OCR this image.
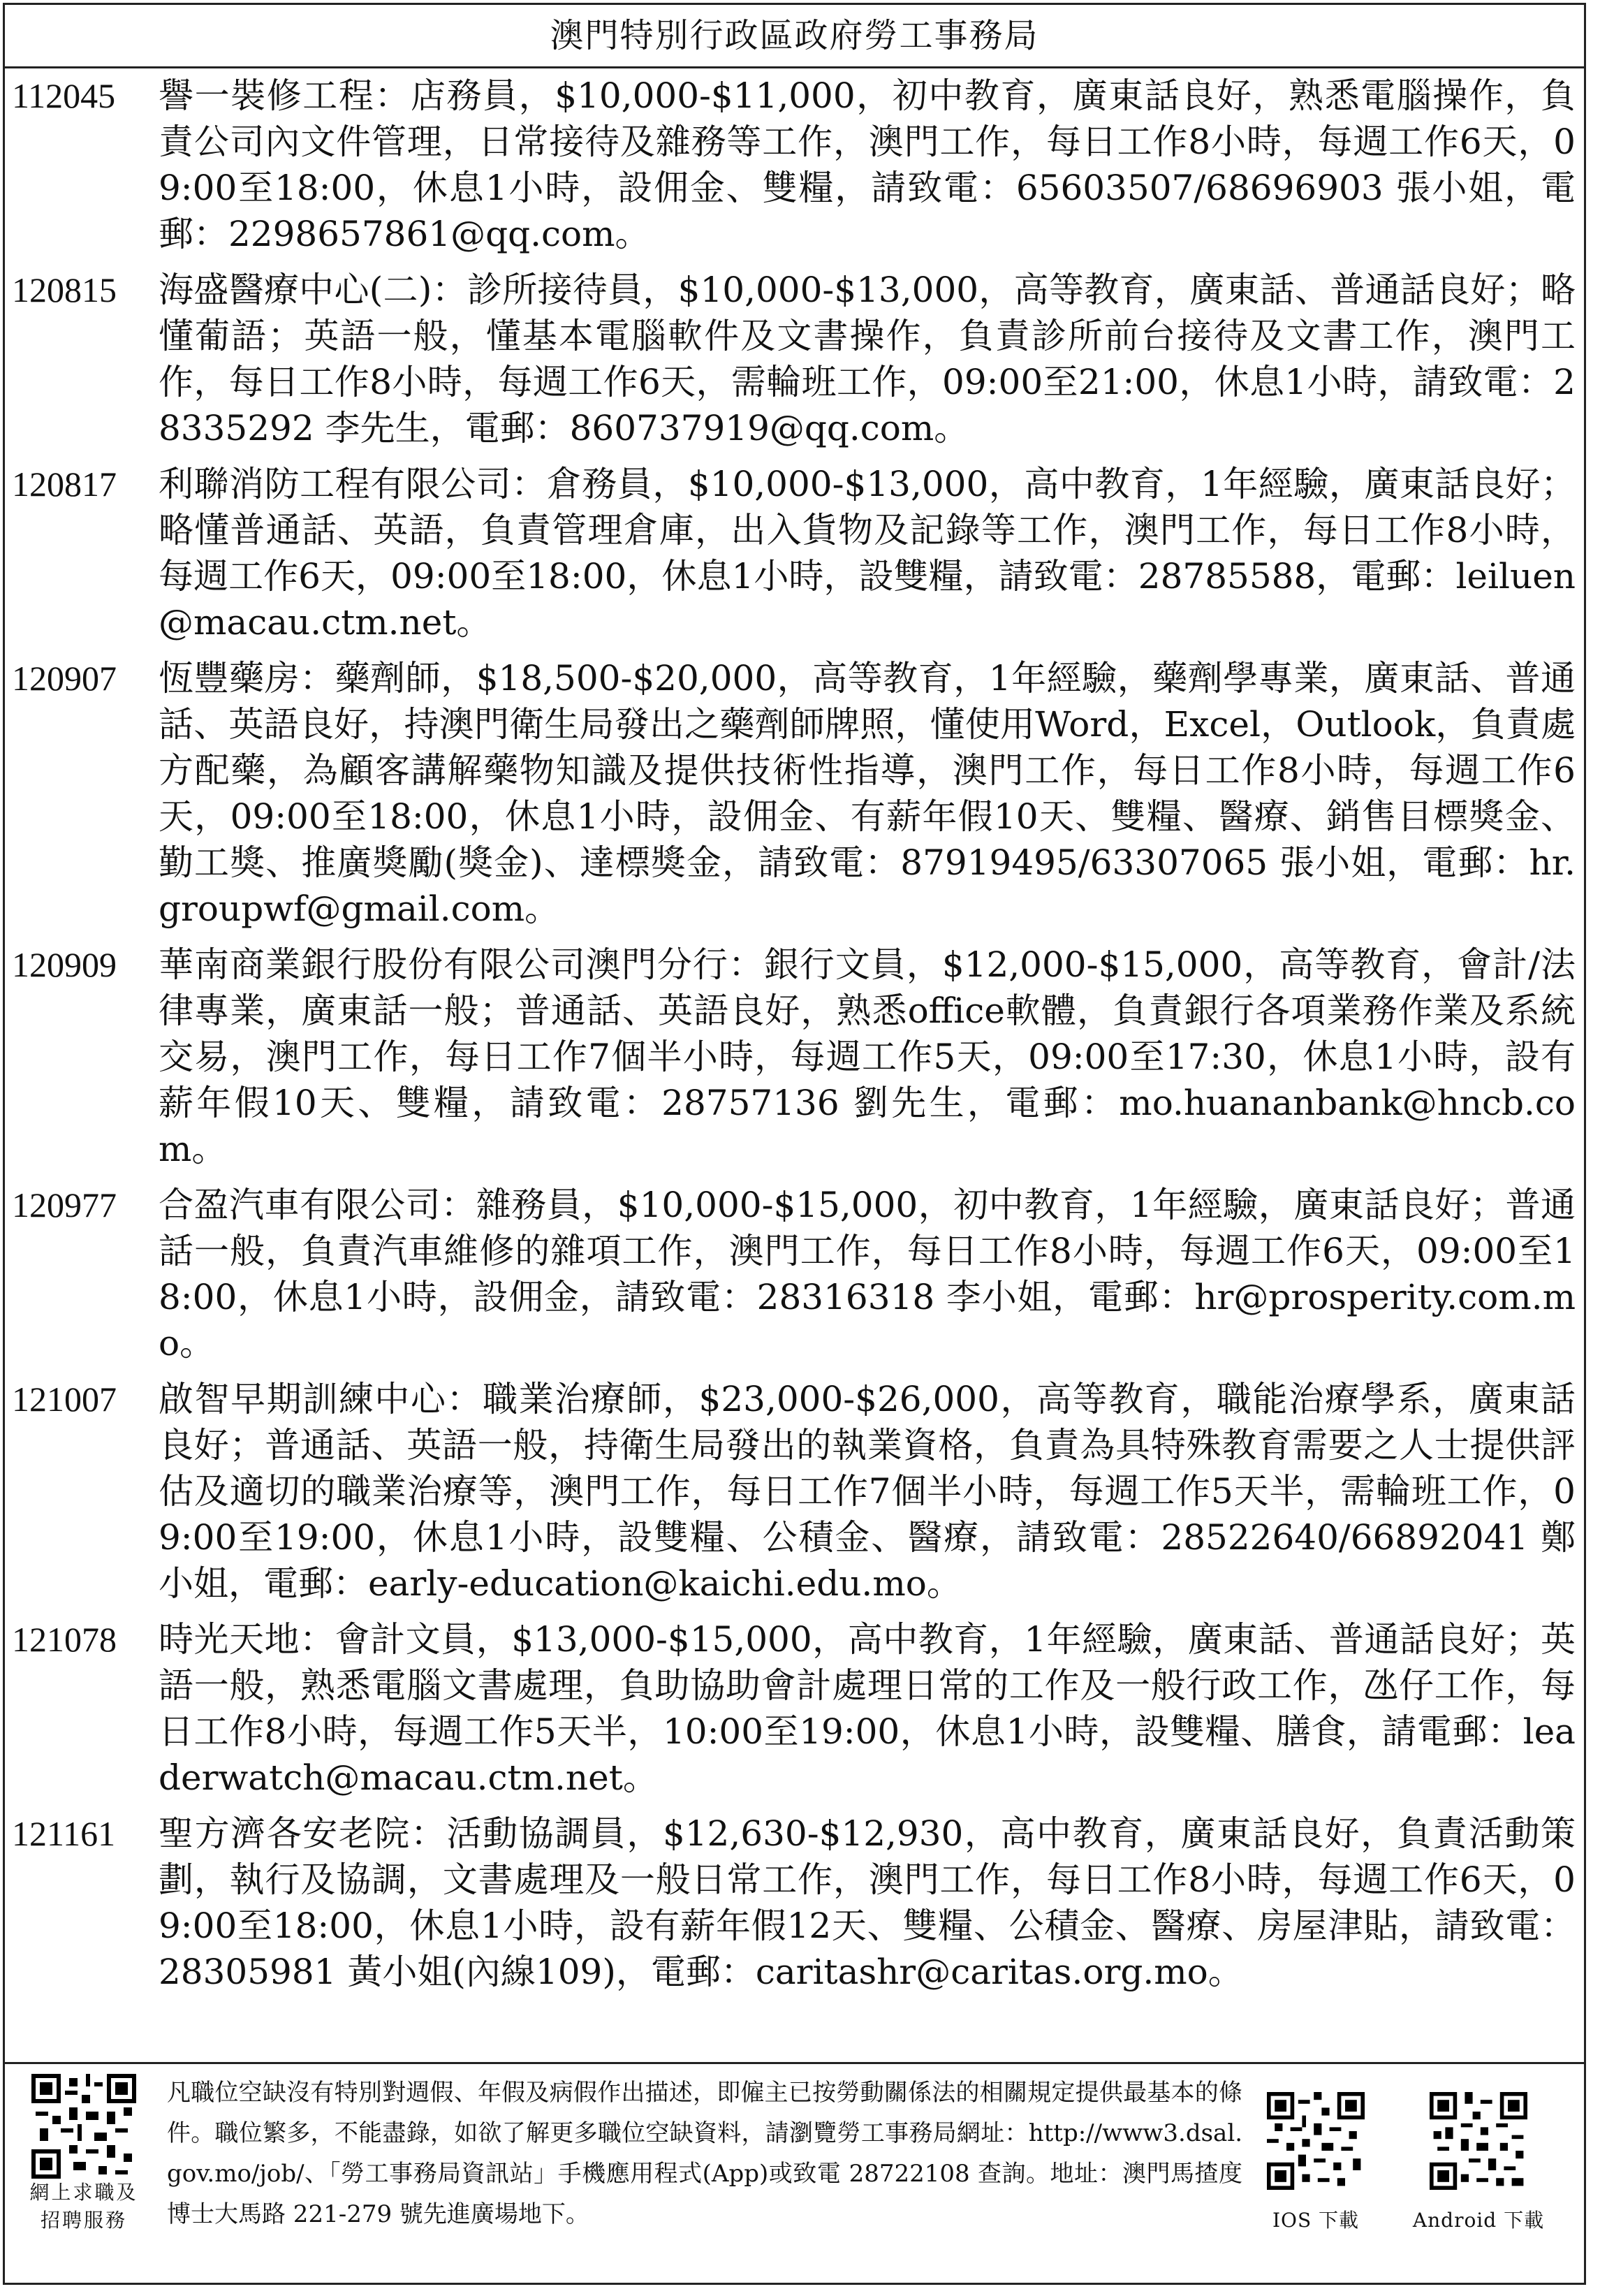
澳門特別行政區政府勞工事務局
112045	譽一裝修工程：店務員，$10,000-$11,000，初中教育，廣東話良好，熟悉電腦操作，負責公司內文件管理，日常接待及雜務等工作，澳門工作，每日工作8小時，每週工作6天，09:00至18:00，休息1小時，設佣金、雙糧，請致電：65603507/68696903 張小姐，電郵：2298657861@qq.com。
120815	海盛醫療中心(二)：診所接待員，$10,000-$13,000，高等教育，廣東話、普通話良好；略懂葡語；英語一般，懂基本電腦軟件及文書操作，負責診所前台接待及文書工作，澳門工作，每日工作8小時，每週工作6天，需輪班工作，09:00至21:00，休息1小時，請致電：28335292 李先生，電郵：860737919@qq.com。
120817	利聯消防工程有限公司：倉務員，$10,000-$13,000，高中教育，1年經驗，廣東話良好；略懂普通話、英語，負責管理倉庫，出入貨物及記錄等工作，澳門工作，每日工作8小時，每週工作6天，09:00至18:00，休息1小時，設雙糧，請致電：28785588，電郵：leiluen@macau.ctm.net。
120907	恆豐藥房：藥劑師，$18,500-$20,000，高等教育，1年經驗，藥劑學專業，廣東話、普通話、英語良好，持澳門衛生局發出之藥劑師牌照，懂使用Word，Excel，Outlook，負責處方配藥，為顧客講解藥物知識及提供技術性指導，澳門工作，每日工作8小時，每週工作6天，09:00至18:00，休息1小時，設佣金、有薪年假10天、雙糧、醫療、銷售目標獎金、勤工獎、推廣獎勵(獎金)、達標獎金，請致電：87919495/63307065 張小姐，電郵：hr.groupwf@gmail.com。
120909	華南商業銀行股份有限公司澳門分行：銀行文員，$12,000-$15,000，高等教育，會計/法律專業，廣東話一般；普通話、英語良好，熟悉office軟體，負責銀行各項業務作業及系統交易，澳門工作，每日工作7個半小時，每週工作5天，09:00至17:30，休息1小時，設有薪年假10天、雙糧，請致電：28757136 劉先生，電郵：mo.huananbank@hncb.com。
120977	合盈汽車有限公司：雜務員，$10,000-$15,000，初中教育，1年經驗，廣東話良好；普通話一般，負責汽車維修的雜項工作，澳門工作，每日工作8小時，每週工作6天，09:00至18:00，休息1小時，設佣金，請致電：28316318 李小姐，電郵：hr@prosperity.com.mo。
121007	啟智早期訓練中心：職業治療師，$23,000-$26,000，高等教育，職能治療學系，廣東話良好；普通話、英語一般，持衛生局發出的執業資格，負責為具特殊教育需要之人士提供評估及適切的職業治療等，澳門工作，每日工作7個半小時，每週工作5天半，需輪班工作，09:00至19:00，休息1小時，設雙糧、公積金、醫療，請致電：28522640/66892041 鄭小姐，電郵：early-education@kaichi.edu.mo。
121078	時光天地：會計文員，$13,000-$15,000，高中教育，1年經驗，廣東話、普通話良好；英語一般，熟悉電腦文書處理，負助協助會計處理日常的工作及一般行政工作，氹仔工作，每日工作8小時，每週工作5天半，10:00至19:00，休息1小時，設雙糧、膳食，請電郵：leaderwatch@macau.ctm.net。
121161	聖方濟各安老院：活動協調員，$12,630-$12,930，高中教育，廣東話良好，負責活動策劃，執行及協調，文書處理及一般日常工作，澳門工作，每日工作8小時，每週工作6天，09:00至18:00，休息1小時，設有薪年假12天、雙糧、公積金、醫療、房屋津貼，請致電：28305981 黃小姐(內線109)，電郵：caritashr@caritas.org.mo。
網上求職及
招聘服務
凡職位空缺沒有特別對週假、年假及病假作出描述，即僱主已按勞動關係法的相關規定提供最基本的條件。職位繁多，不能盡錄，如欲了解更多職位空缺資料，請瀏覽勞工事務局網址：http://www3.dsal.gov.mo/job/、「勞工事務局資訊站」手機應用程式(App)或致電 28722108 查詢。地址：澳門馬揸度博士大馬路 221-279 號先進廣場地下。	IOS 下載	Android 下載
